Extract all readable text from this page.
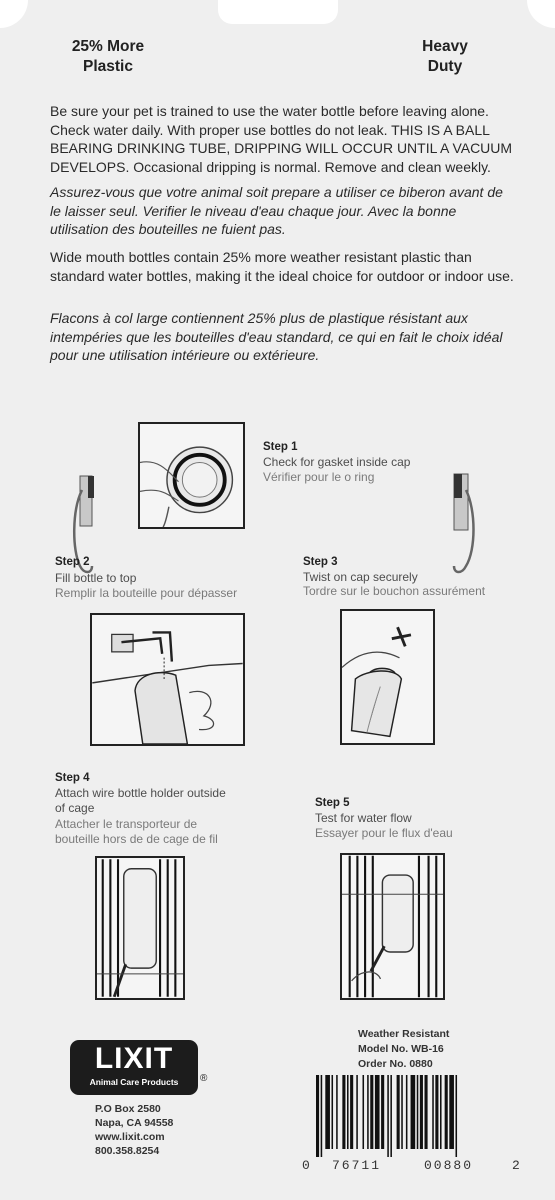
25% More
Plastic
Heavy
Duty

Be sure your pet is trained to use the water bottle before leaving alone. Check water daily. With proper use bottles do not leak. THIS IS A BALL BEARING DRINKING TUBE, DRIPPING WILL OCCUR UNTIL A VACUUM DEVELOPS. Occasional dripping is normal. Remove and clean weekly.

Assurez-vous que votre animal soit prepare a utiliser ce biberon avant de le laisser seul. Verifier le niveau d'eau chaque jour. Avec la bonne utilisation des bouteilles ne fuient pas.

Wide mouth bottles contain 25% more weather resistant plastic than standard water bottles, making it the ideal choice for outdoor or indoor use.

Flacons à col large contiennent 25% plus de plastique résistant aux intempéries que les bouteilles d'eau standard, ce qui en fait le choix idéal pour une utilisation intérieure ou extérieure.

Step 1
Check for gasket inside cap
Vérifier pour le o ring
Step 2
Fill bottle to top
Remplir la bouteille pour dépasser
Step 3
Twist on cap securely
Tordre sur le bouchon assurément
Step 4
Attach wire bottle holder outside
of cage
Attacher le transporteur de
bouteille hors de de cage de fil
Step 5
Test for water flow
Essayer pour le flux d'eau
Weather Resistant
Model No. WB-16
Order No. 0880
LIXIT
Animal Care Products	®
P.O Box 2580
Napa, CA 94558
www.lixit.com
800.358.8254
0 76711	00880	2
